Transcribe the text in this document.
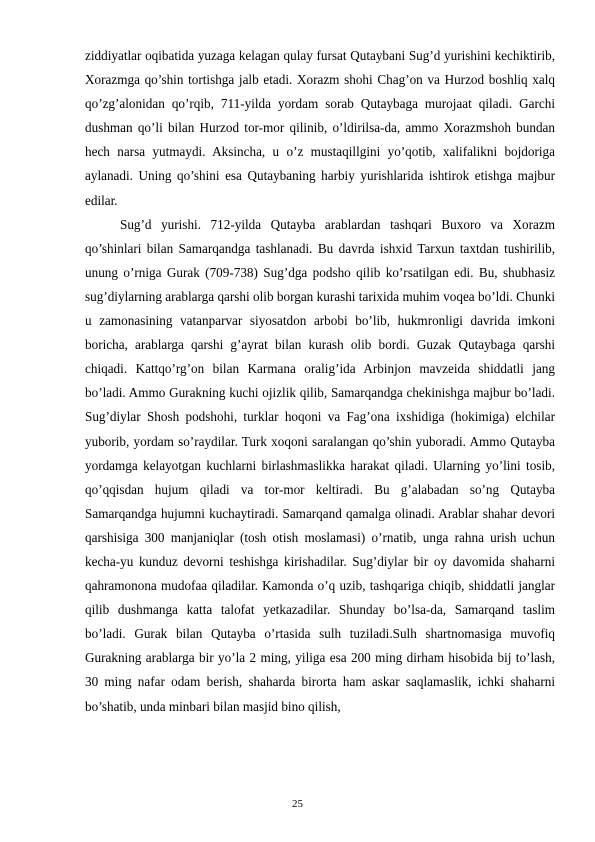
ziddiyatlar oqibatida yuzaga kelagan qulay fursat Qutaybani Sug’d yurishini kechiktirib, Xorazmga qo’shin tortishga jalb etadi. Xorazm shohi Chag’on va Hurzod boshliq xalq qo’zg’alonidan qo’rqib, 711-yilda yordam sorab Qutaybaga murojaat qiladi. Garchi dushman qo’li bilan Hurzod tor-mor qilinib, o’ldirilsa-da, ammo Xorazmshoh bundan hech narsa yutmaydi. Aksincha, u o’z mustaqillgini yo’qotib, xalifalikni bojdoriga aylanadi. Uning qo’shini esa Qutaybaning harbiy yurishlarida ishtirok etishga majbur edilar.

Sug’d yurishi. 712-yilda Qutayba arablardan tashqari Buxoro va Xorazm qo’shinlari bilan Samarqandga tashlanadi. Bu davrda ishxid Tarxun taxtdan tushirilib, unung o’rniga Gurak (709-738) Sug’dga podsho qilib ko’rsatilgan edi. Bu, shubhasiz sug’diylarning arablarga qarshi olib borgan kurashi tarixida muhim voqea bo’ldi. Chunki u zamonasining vatanparvar siyosatdon arbobi bo’lib, hukmronligi davrida imkoni boricha, arablarga qarshi g’ayrat bilan kurash olib bordi. Guzak Qutaybaga qarshi chiqadi. Kattqo’rg’on bilan Karmana oralig’ida Arbinjon mavzeida shiddatli jang bo’ladi. Ammo Gurakning kuchi ojizlik qilib, Samarqandga chekinishga majbur bo’ladi. Sug’diylar Shosh podshohi, turklar hoqoni va Fag’ona ixshidiga (hokimiga) elchilar yuborib, yordam so’raydilar. Turk xoqoni saralangan qo’shin yuboradi. Ammo Qutayba yordamga kelayotgan kuchlarni birlashmaslikka harakat qiladi. Ularning yo’lini tosib, qo’qqisdan hujum qiladi va tor-mor keltiradi. Bu g’alabadan so’ng Qutayba Samarqandga hujumni kuchaytiradi. Samarqand qamalga olinadi. Arablar shahar devori qarshisiga 300 manjaniqlar (tosh otish moslamasi) o’rnatib, unga rahna urish uchun kecha-yu kunduz devorni teshishga kirishadilar. Sug’diylar bir oy davomida shaharni qahramonona mudofaa qiladilar. Kamonda o’q uzib, tashqariga chiqib, shiddatli janglar qilib dushmanga katta talofat yetkazadilar. Shunday bo’lsa-da, Samarqand taslim bo’ladi. Gurak bilan Qutayba o’rtasida sulh tuziladi.Sulh shartnomasiga muvofiq Gurakning arablarga bir yo’la 2 ming, yiliga esa 200 ming dirham hisobida bij to’lash, 30 ming nafar odam berish, shaharda birorta ham askar saqlamaslik, ichki shaharni bo’shatib, unda minbari bilan masjid bino qilish,

25
